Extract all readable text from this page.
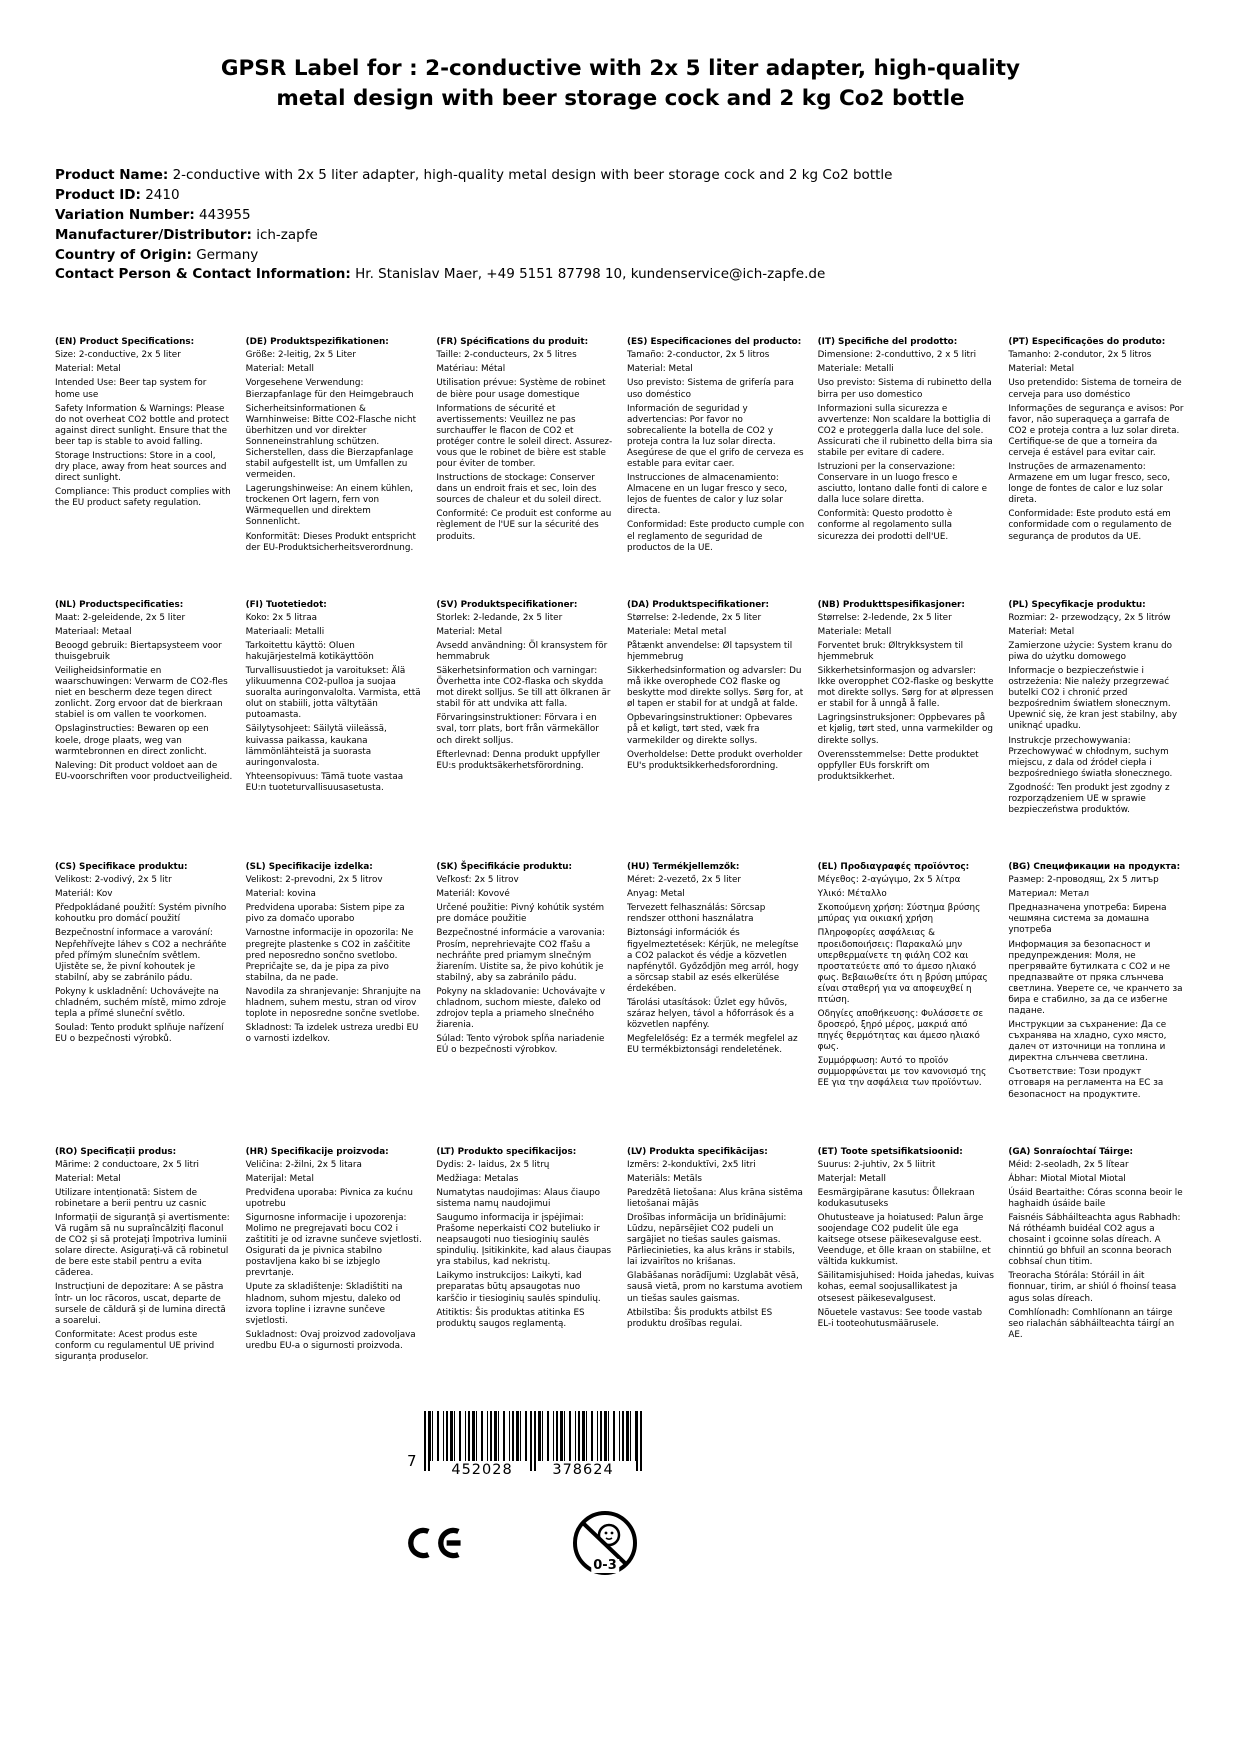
GPSR Label for : 2-conductive with 2x 5 liter adapter, high-quality
metal design with beer storage cock and 2 kg Co2 bottle
Product Name: 2-conductive with 2x 5 liter adapter, high-quality metal design with beer storage cock and 2 kg Co2 bottle
Product ID: 2410
Variation Number: 443955
Manufacturer/Distributor: ich-zapfe
Country of Origin: Germany
Contact Person & Contact Information: Hr. Stanislav Maer, +49 5151 87798 10, kundenservice@ich-zapfe.de
(EN) Product Specifications:

Size: 2-conductive, 2x 5 liter

Material: Metal

Intended Use: Beer tap system for home use

Safety Information & Warnings: Please do not overheat CO2 bottle and protect against direct sunlight. Ensure that the beer tap is stable to avoid falling.

Storage Instructions: Store in a cool, dry place, away from heat sources and direct sunlight.

Compliance: This product complies with the EU product safety regulation.

(DE) Produktspezifikationen:

Größe: 2-leitig, 2x 5 Liter

Material: Metall

Vorgesehene Verwendung: Bierzapfanlage für den Heimgebrauch

Sicherheitsinformationen & Warnhinweise: Bitte CO2-Flasche nicht überhitzen und vor direkter Sonneneinstrahlung schützen. Sicherstellen, dass die Bierzapfanlage stabil aufgestellt ist, um Umfallen zu vermeiden.

Lagerungshinweise: An einem kühlen, trockenen Ort lagern, fern von Wärmequellen und direktem Sonnenlicht.

Konformität: Dieses Produkt entspricht der EU-Produktsicherheitsverordnung.

(FR) Spécifications du produit:

Taille: 2-conducteurs, 2x 5 litres

Matériau: Métal

Utilisation prévue: Système de robinet de bière pour usage domestique

Informations de sécurité et avertissements: Veuillez ne pas surchauffer le flacon de CO2 et protéger contre le soleil direct. Assurez-vous que le robinet de bière est stable pour éviter de tomber.

Instructions de stockage: Conserver dans un endroit frais et sec, loin des sources de chaleur et du soleil direct.

Conformité: Ce produit est conforme au règlement de l'UE sur la sécurité des produits.

(ES) Especificaciones del producto:

Tamaño: 2-conductor, 2x 5 litros

Material: Metal

Uso previsto: Sistema de grifería para uso doméstico

Información de seguridad y advertencias: Por favor no sobrecaliente la botella de CO2 y proteja contra la luz solar directa. Asegúrese de que el grifo de cerveza es estable para evitar caer.

Instrucciones de almacenamiento: Almacene en un lugar fresco y seco, lejos de fuentes de calor y luz solar directa.

Conformidad: Este producto cumple con el reglamento de seguridad de productos de la UE.

(IT) Specifiche del prodotto:

Dimensione: 2-conduttivo, 2 x 5 litri

Materiale: Metalli

Uso previsto: Sistema di rubinetto della birra per uso domestico

Informazioni sulla sicurezza e avvertenze: Non scaldare la bottiglia di CO2 e proteggerla dalla luce del sole. Assicurati che il rubinetto della birra sia stabile per evitare di cadere.

Istruzioni per la conservazione: Conservare in un luogo fresco e asciutto, lontano dalle fonti di calore e dalla luce solare diretta.

Conformità: Questo prodotto è conforme al regolamento sulla sicurezza dei prodotti dell'UE.

(PT) Especificações do produto:

Tamanho: 2-condutor, 2x 5 litros

Material: Metal

Uso pretendido: Sistema de torneira de cerveja para uso doméstico

Informações de segurança e avisos: Por favor, não superaqueça a garrafa de CO2 e proteja contra a luz solar direta. Certifique-se de que a torneira da cerveja é estável para evitar cair.

Instruções de armazenamento: Armazene em um lugar fresco, seco, longe de fontes de calor e luz solar direta.

Conformidade: Este produto está em conformidade com o regulamento de segurança de produtos da UE.

(NL) Productspecificaties:

Maat: 2-geleidende, 2x 5 liter

Materiaal: Metaal

Beoogd gebruik: Biertapsysteem voor thuisgebruik

Veiligheidsinformatie en waarschuwingen: Verwarm de CO2-fles niet en bescherm deze tegen direct zonlicht. Zorg ervoor dat de bierkraan stabiel is om vallen te voorkomen.

Opslaginstructies: Bewaren op een koele, droge plaats, weg van warmtebronnen en direct zonlicht.

Naleving: Dit product voldoet aan de EU-voorschriften voor productveiligheid.

(FI) Tuotetiedot:

Koko: 2x 5 litraa

Materiaali: Metalli

Tarkoitettu käyttö: Oluen hakujärjestelmä kotikäyttöön

Turvallisuustiedot ja varoitukset: Älä ylikuumenna CO2-pulloa ja suojaa suoralta auringonvalolta. Varmista, että olut on stabiili, jotta vältytään putoamasta.

Säilytysohjeet: Säilytä viileässä, kuivassa paikassa, kaukana lämmönlähteistä ja suorasta auringonvalosta.

Yhteensopivuus: Tämä tuote vastaa EU:n tuoteturvallisuusasetusta.

(SV) Produktspecifikationer:

Storlek: 2-ledande, 2x 5 liter

Material: Metal

Avsedd användning: Öl kransystem för hemmabruk

Säkerhetsinformation och varningar: Överhetta inte CO2-flaska och skydda mot direkt solljus. Se till att ölkranen är stabil för att undvika att falla.

Förvaringsinstruktioner: Förvara i en sval, torr plats, bort från värmekällor och direkt solljus.

Efterlevnad: Denna produkt uppfyller EU:s produktsäkerhetsförordning.

(DA) Produktspecifikationer:

Størrelse: 2-ledende, 2x 5 liter

Materiale: Metal metal

Påtænkt anvendelse: Øl tapsystem til hjemmebrug

Sikkerhedsinformation og advarsler: Du må ikke overophede CO2 flaske og beskytte mod direkte sollys. Sørg for, at øl tapen er stabil for at undgå at falde.

Opbevaringsinstruktioner: Opbevares på et køligt, tørt sted, væk fra varmekilder og direkte sollys.

Overholdelse: Dette produkt overholder EU's produktsikkerhedsforordning.

(NB) Produkttspesifikasjoner:

Størrelse: 2-ledende, 2x 5 liter

Materiale: Metall

Forventet bruk: Øltrykksystem til hjemmebruk

Sikkerhetsinformasjon og advarsler: Ikke overopphet CO2-flaske og beskytte mot direkte sollys. Sørg for at ølpressen er stabil for å unngå å falle.

Lagringsinstruksjoner: Oppbevares på et kjølig, tørt sted, unna varmekilder og direkte sollys.

Overensstemmelse: Dette produktet oppfyller EUs forskrift om produktsikkerhet.

(PL) Specyfikacje produktu:

Rozmiar: 2- przewodzący, 2x 5 litrów

Materiał: Metal

Zamierzone użycie: System kranu do piwa do użytku domowego

Informacje o bezpieczeństwie i ostrzeżenia: Nie należy przegrzewać butelki CO2 i chronić przed bezpośrednim światłem słonecznym. Upewnić się, że kran jest stabilny, aby uniknąć upadku.

Instrukcje przechowywania: Przechowywać w chłodnym, suchym miejscu, z dala od źródeł ciepła i bezpośredniego światła słonecznego.

Zgodność: Ten produkt jest zgodny z rozporządzeniem UE w sprawie bezpieczeństwa produktów.

(CS) Specifikace produktu:

Velikost: 2-vodivý, 2x 5 litr

Materiál: Kov

Předpokládané použití: Systém pivního kohoutku pro domácí použití

Bezpečnostní informace a varování: Nepřehřívejte láhev s CO2 a nechráňte před přímým slunečním světlem. Ujistěte se, že pivní kohoutek je stabilní, aby se zabránilo pádu.

Pokyny k uskladnění: Uchovávejte na chladném, suchém místě, mimo zdroje tepla a přímé sluneční světlo.

Soulad: Tento produkt splňuje nařízení EU o bezpečnosti výrobků.

(SL) Specifikacije izdelka:

Velikost: 2-prevodni, 2x 5 litrov

Material: kovina

Predvidena uporaba: Sistem pipe za pivo za domačo uporabo

Varnostne informacije in opozorila: Ne pregrejte plastenke s CO2 in zaščitite pred neposredno sončno svetlobo. Prepričajte se, da je pipa za pivo stabilna, da ne pade.

Navodila za shranjevanje: Shranjujte na hladnem, suhem mestu, stran od virov toplote in neposredne sončne svetlobe.

Skladnost: Ta izdelek ustreza uredbi EU o varnosti izdelkov.

(SK) Špecifikácie produktu:

Veľkosť: 2x 5 litrov

Materiál: Kovové

Určené použitie: Pivný kohútik systém pre domáce použitie

Bezpečnostné informácie a varovania: Prosím, neprehrievajte CO2 fľašu a nechráňte pred priamym slnečným žiarením. Uistite sa, že pivo kohútik je stabilný, aby sa zabránilo pádu.

Pokyny na skladovanie: Uchovávajte v chladnom, suchom mieste, ďaleko od zdrojov tepla a priameho slnečného žiarenia.

Súlad: Tento výrobok spĺňa nariadenie EÚ o bezpečnosti výrobkov.

(HU) Termékjellemzők:

Méret: 2-vezető, 2x 5 liter

Anyag: Metal

Tervezett felhasználás: Sörcsap rendszer otthoni használatra

Biztonsági információk és figyelmeztetések: Kérjük, ne melegítse a CO2 palackot és védje a közvetlen napfénytől. Győződjön meg arról, hogy a sörcsap stabil az esés elkerülése érdekében.

Tárolási utasítások: Űzlet egy hűvös, száraz helyen, távol a hőforrások és a közvetlen napfény.

Megfelelőség: Ez a termék megfelel az EU termékbiztonsági rendeletének.

(EL) Προδιαγραφές προϊόντος:

Μέγεθος: 2-αγώγιμο, 2x 5 λίτρα

Υλικό: Μέταλλο

Σκοπούμενη χρήση: Σύστημα βρύσης μπύρας για οικιακή χρήση

Πληροφορίες ασφάλειας & προειδοποιήσεις: Παρακαλώ μην υπερθερμαίνετε τη φιάλη CO2 και προστατεύετε από το άμεσο ηλιακό φως. Βεβαιωθείτε ότι η βρύση μπύρας είναι σταθερή για να αποφευχθεί η πτώση.

Οδηγίες αποθήκευσης: Φυλάσσετε σε δροσερό, ξηρό μέρος, μακριά από πηγές θερμότητας και άμεσο ηλιακό φως.

Συμμόρφωση: Αυτό το προϊόν συμμορφώνεται με τον κανονισμό της ΕΕ για την ασφάλεια των προϊόντων.

(BG) Спецификации на продукта:

Размер: 2-проводящ, 2x 5 литър

Материал: Метал

Предназначена употреба: Бирена чешмяна система за домашна употреба

Информация за безопасност и предупреждения: Моля, не прегрявайте бутилката с CO2 и не предпазвайте от пряка слънчева светлина. Уверете се, че кранчето за бира е стабилно, за да се избегне падане.

Инструкции за съхранение: Да се съхранява на хладно, сухо място, далеч от източници на топлина и директна слънчева светлина.

Съответствие: Този продукт отговаря на регламента на ЕС за безопасност на продуктите.

(RO) Specificații produs:

Mărime: 2 conductoare, 2x 5 litri

Material: Metal

Utilizare intenționată: Sistem de robinetare a berii pentru uz casnic

Informații de siguranță și avertismente: Vă rugăm să nu supraîncălziți flaconul de CO2 și să protejați împotriva luminii solare directe. Asigurați-vă că robinetul de bere este stabil pentru a evita căderea.

Instrucțiuni de depozitare: A se păstra într- un loc răcoros, uscat, departe de sursele de căldură și de lumina directă a soarelui.

Conformitate: Acest produs este conform cu regulamentul UE privind siguranța produselor.

(HR) Specifikacije proizvoda:

Veličina: 2-žilni, 2x 5 litara

Materijal: Metal

Predviđena uporaba: Pivnica za kućnu upotrebu

Sigurnosne informacije i upozorenja: Molimo ne pregrejavati bocu CO2 i zaštititi je od izravne sunčeve svjetlosti. Osigurati da je pivnica stabilno postavljena kako bi se izbjeglo prevrtanje.

Upute za skladištenje: Skladištiti na hladnom, suhom mjestu, daleko od izvora topline i izravne sunčeve svjetlosti.

Sukladnost: Ovaj proizvod zadovoljava uredbu EU-a o sigurnosti proizvoda.

(LT) Produkto specifikacijos:

Dydis: 2- laidus, 2x 5 litrų

Medžiaga: Metalas

Numatytas naudojimas: Alaus čiaupo sistema namų naudojimui

Saugumo informacija ir įspėjimai: Prašome neperkaisti CO2 buteliuko ir neapsaugoti nuo tiesioginių saulės spindulių. Įsitikinkite, kad alaus čiaupas yra stabilus, kad nekristų.

Laikymo instrukcijos: Laikyti, kad preparatas būtų apsaugotas nuo karščio ir tiesioginių saulės spindulių.

Atitiktis: Šis produktas atitinka ES produktų saugos reglamentą.

(LV) Produkta specifikācijas:

Izmērs: 2-konduktīvi, 2x5 litri

Materiāls: Metāls

Paredzētā lietošana: Alus krāna sistēma lietošanai mājās

Drošības informācija un brīdinājumi: Lūdzu, nepārsējiet CO2 pudeli un sargājiet no tiešas saules gaismas. Pārliecinieties, ka alus krāns ir stabils, lai izvairītos no krišanas.

Glabāšanas norādījumi: Uzglabāt vēsā, sausā vietā, prom no karstuma avotiem un tiešas saules gaismas.

Atbilstība: Šis produkts atbilst ES produktu drošības regulai.

(ET) Toote spetsifikatsioonid:

Suurus: 2-juhtiv, 2x 5 liitrit

Materjal: Metall

Eesmärgipärane kasutus: Õllekraan kodukasutuseks

Ohutusteave ja hoiatused: Palun ärge soojendage CO2 pudelit üle ega kaitsege otsese päikesevalguse eest. Veenduge, et õlle kraan on stabiilne, et vältida kukkumist.

Säilitamisjuhised: Hoida jahedas, kuivas kohas, eemal soojusallikatest ja otsesest päikesevalgusest.

Nõuetele vastavus: See toode vastab EL-i tooteohutusmäärusele.

(GA) Sonraíochtaí Táirge:

Méid: 2-seoladh, 2x 5 lítear

Ábhar: Miotal Miotal Miotal

Úsáid Beartaithe: Córas sconna beoir le haghaidh úsáide baile

Faisnéis Sábháilteachta agus Rabhadh: Ná róthéamh buidéal CO2 agus a chosaint i gcoinne solas díreach. A chinntiú go bhfuil an sconna beorach cobhsaí chun titim.

Treoracha Stórála: Stóráil in áit fionnuar, tirim, ar shiúl ó fhoinsí teasa agus solas díreach.

Comhlíonadh: Comhlíonann an táirge seo rialachán sábháilteachta táirgí an AE.

7 452028	378624
0-3
